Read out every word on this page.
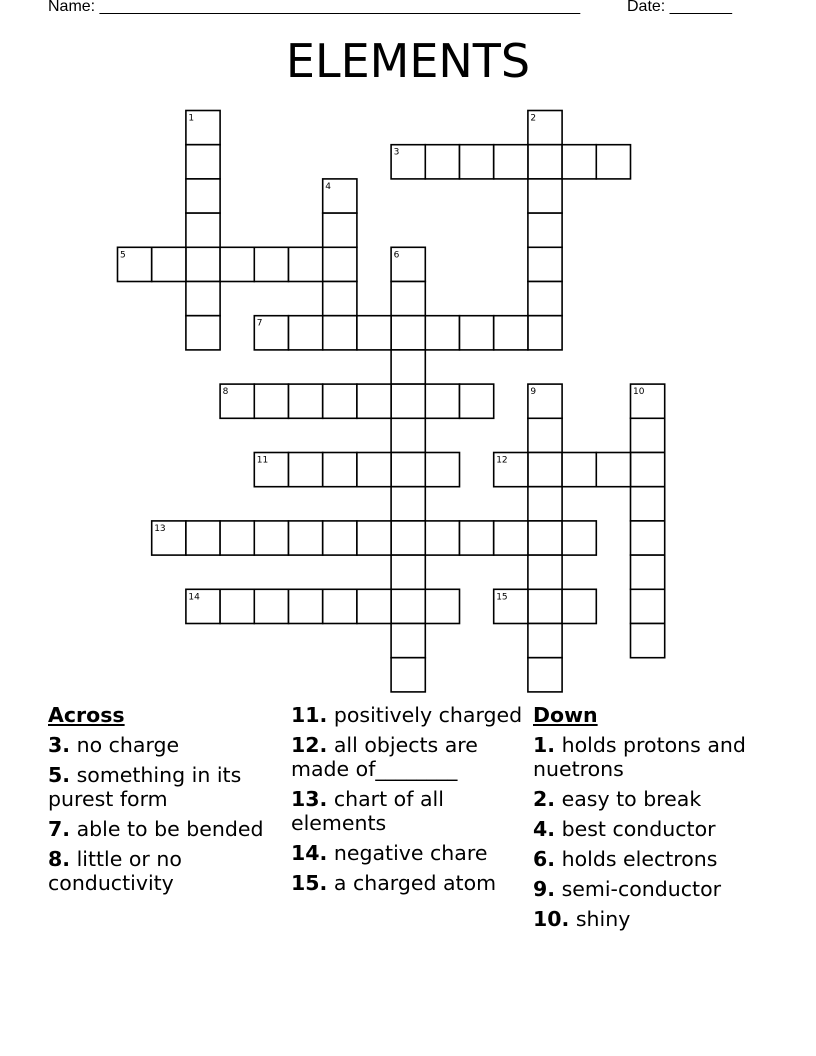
Name: ______________________________________________________	Date: _______
ELEMENTS
1	2
3
4
5	6
7
8	9	10
11	12
13
14	15
Across
3. no charge
5. something in its purest form
7. able to be bended
8. little or no conductivity
11. positively charged
12. all objects are made of________
13. chart of all elements
14. negative chare
15. a charged atom
Down
1. holds protons and nuetrons
2. easy to break
4. best conductor
6. holds electrons
9. semi-conductor
10. shiny
